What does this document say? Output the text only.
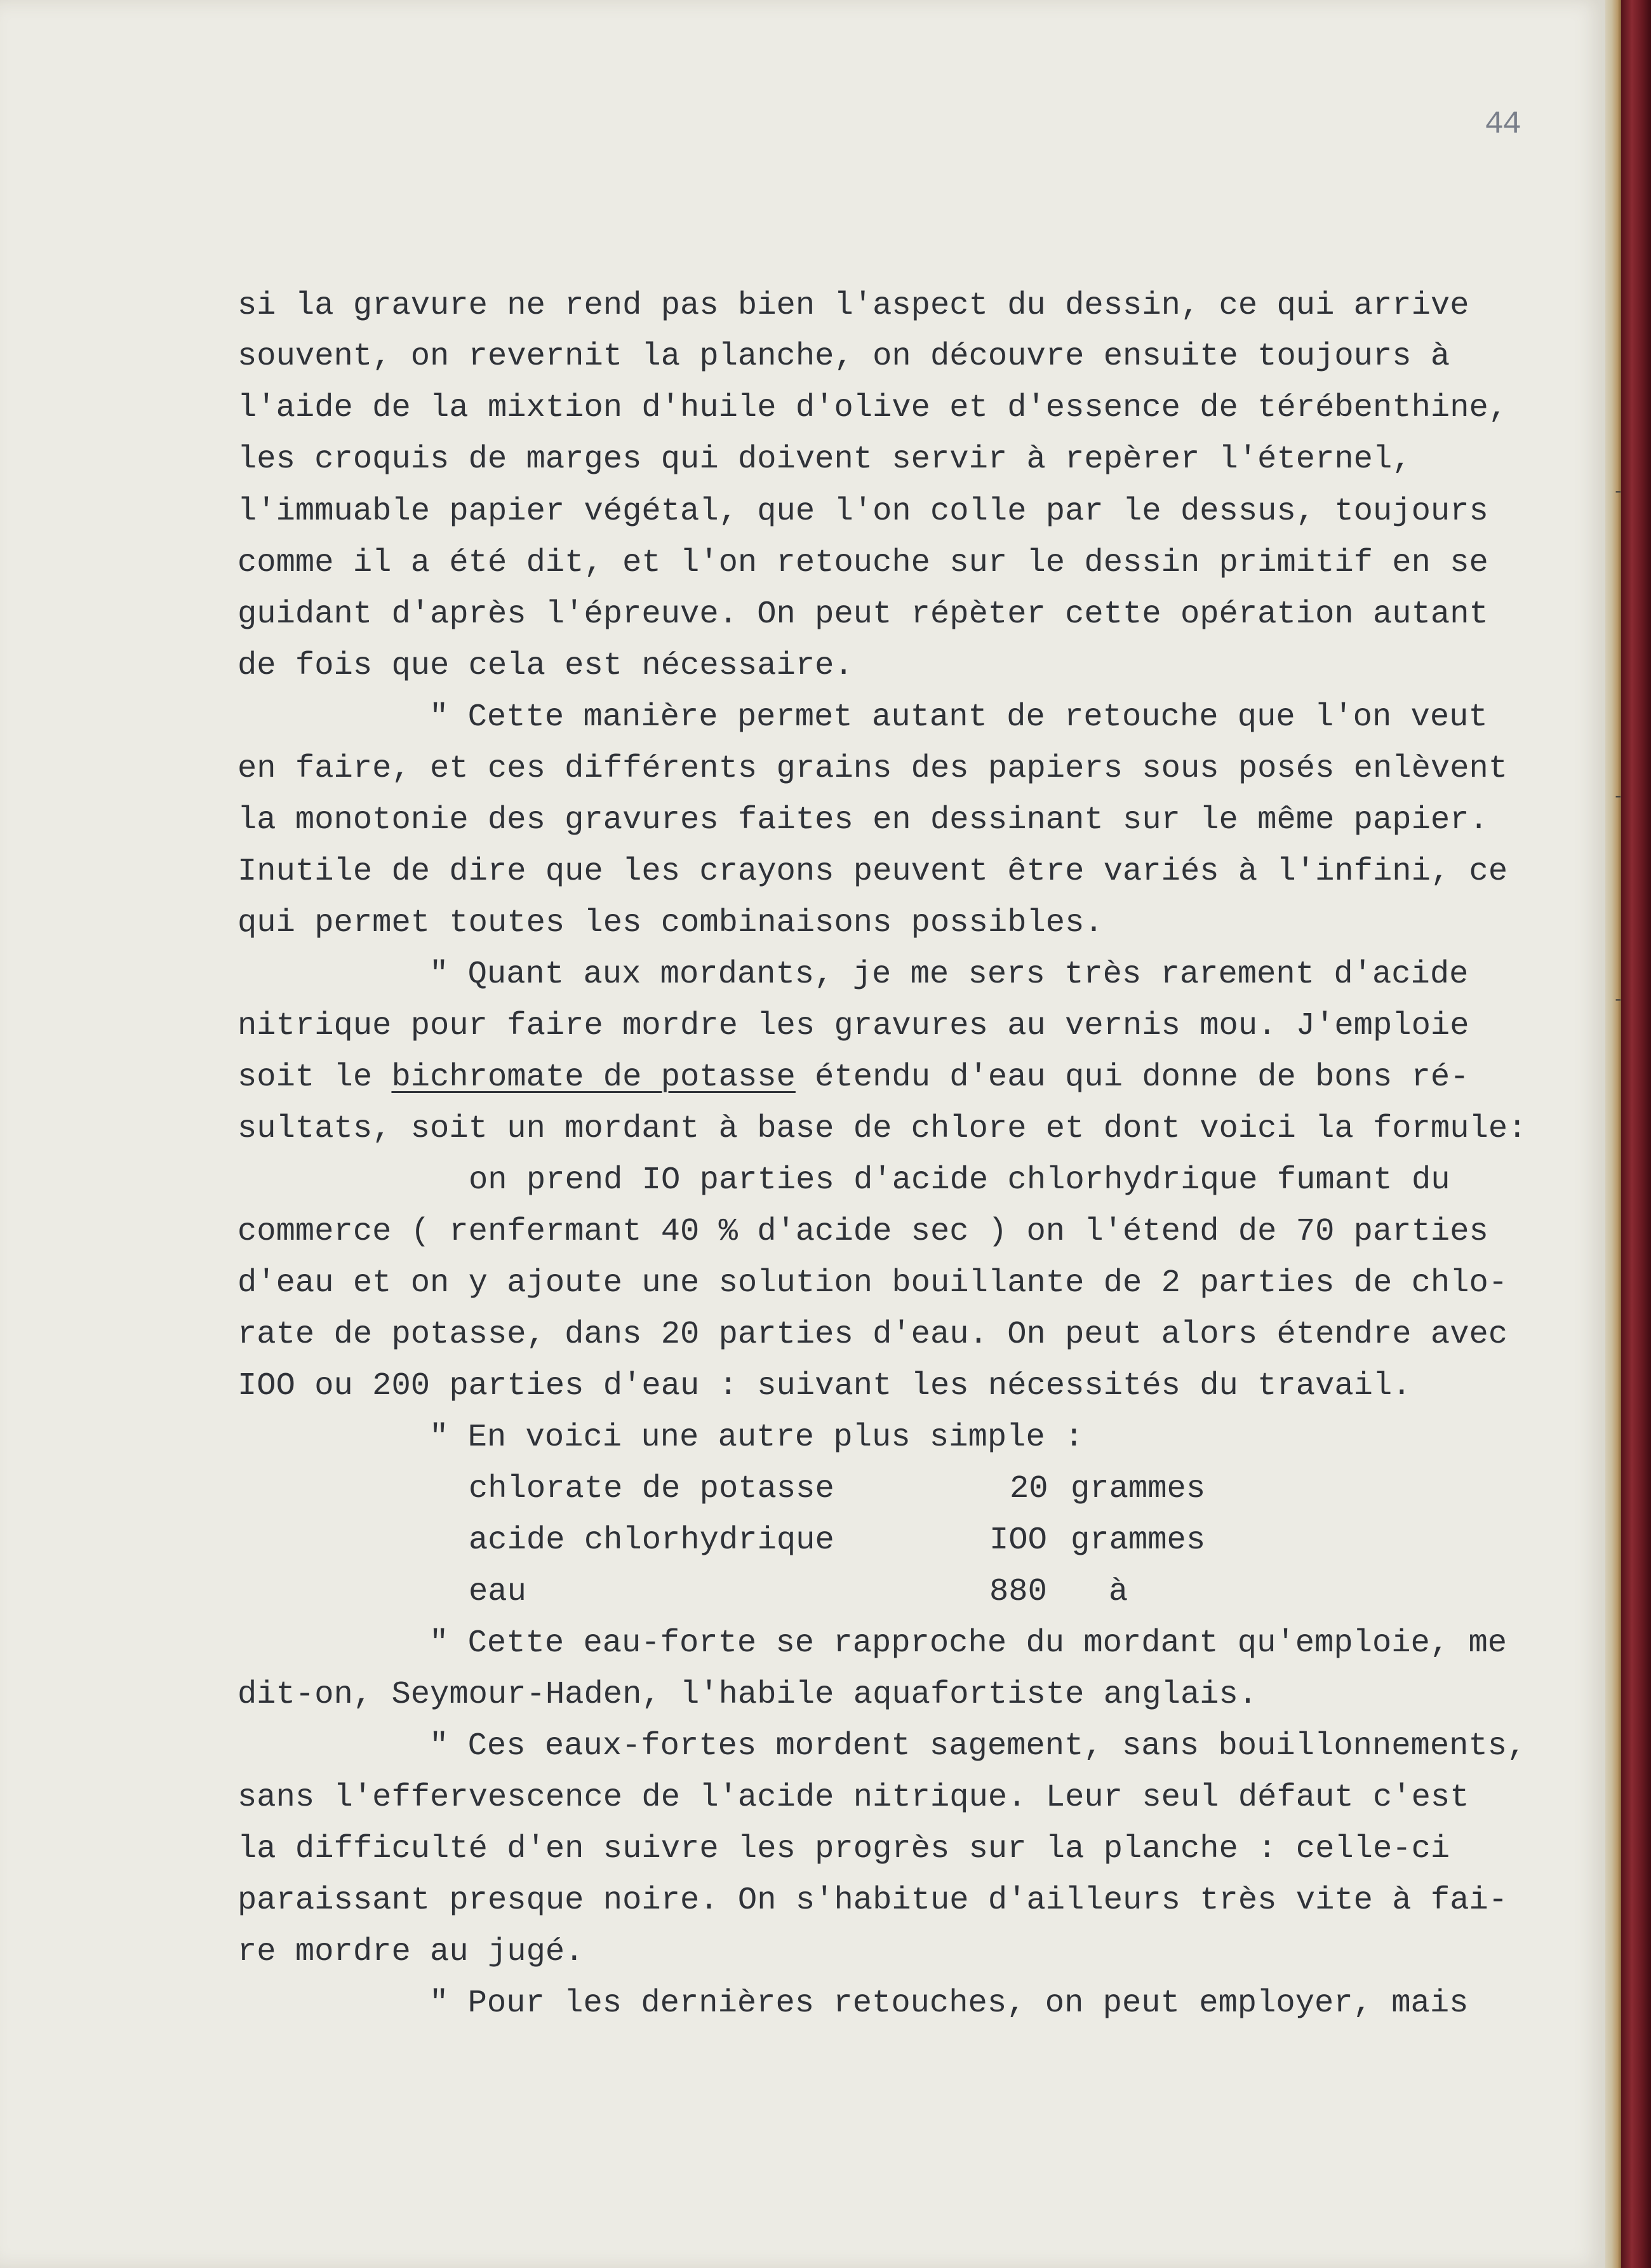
44
si la gravure ne rend pas bien l'aspect du dessin, ce qui arrive
souvent, on revernit la planche, on découvre ensuite toujours à
l'aide de la mixtion d'huile d'olive et d'essence de térébenthine,
les croquis de marges qui doivent servir à repèrer l'éternel,
l'immuable papier végétal, que l'on colle par le dessus, toujours
comme il a été dit, et l'on retouche sur le dessin primitif en se
guidant d'après l'épreuve. On peut répèter cette opération autant
de fois que cela est nécessaire.
" Cette manière permet autant de retouche que l'on veut
en faire, et ces différents grains des papiers sous posés enlèvent
la monotonie des gravures faites en dessinant sur le même papier.
Inutile de dire que les crayons peuvent être variés à l'infini, ce
qui permet toutes les combinaisons possibles.
" Quant aux mordants, je me sers très rarement d'acide
nitrique pour faire mordre les gravures au vernis mou. J'emploie
soit le bichromate de potasse étendu d'eau qui donne de bons ré-
sultats, soit un mordant à base de chlore et dont voici la formule:
on prend IO parties d'acide chlorhydrique fumant du
commerce ( renfermant 40 % d'acide sec ) on l'étend de 70 parties
d'eau et on y ajoute une solution bouillante de 2 parties de chlo-
rate de potasse, dans 20 parties d'eau. On peut alors étendre avec
IOO ou 200 parties d'eau : suivant les nécessités du travail.
" En voici une autre plus simple :
chlorate de potasse	20 grammes
acide chlorhydrique	IOO grammes
eau	880 à
" Cette eau-forte se rapproche du mordant qu'emploie, me
dit-on, Seymour-Haden, l'habile aquafortiste anglais.
" Ces eaux-fortes mordent sagement, sans bouillonnements,
sans l'effervescence de l'acide nitrique. Leur seul défaut c'est
la difficulté d'en suivre les progrès sur la planche : celle-ci
paraissant presque noire. On s'habitue d'ailleurs très vite à fai-
re mordre au jugé.
" Pour les dernières retouches, on peut employer, mais
-
-
-
